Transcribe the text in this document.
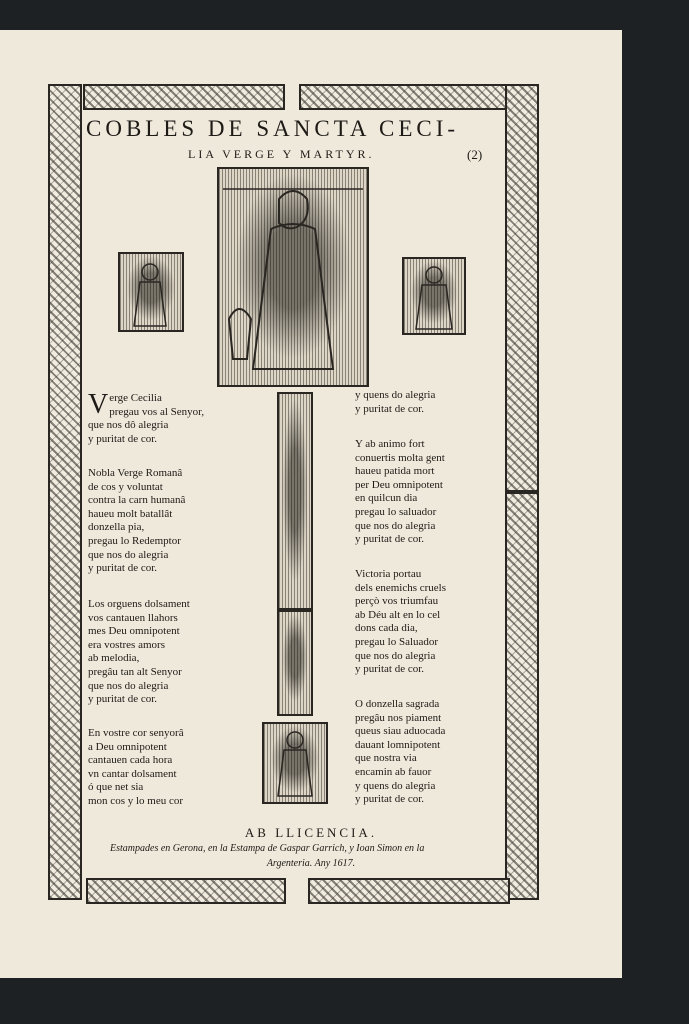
COBLES DE SANCTA CECI-
LIA VERGE Y MARTYR.	(2)
V erge Cecilia
pregau vos al Senyor,
que nos dô alegria
y puritat de cor.
Nobla Verge Romanâ
de cos y voluntat
contra la carn humanâ
haueu molt batallât
donzella pia,
pregau lo Redemptor
que nos do alegria
y puritat de cor.
Los orguens dolsament
vos cantauen llahors
mes Deu omnipotent
era vostres amors
ab melodia,
pregâu tan alt Senyor
que nos do alegria
y puritat de cor.
En vostre cor senyorâ
a Deu omnipotent
cantauen cada hora
vn cantar dolsament
ó que net sia
mon cos y lo meu cor
y quens do alegria
y puritat de cor.
Y ab animo fort
conuertis molta gent
haueu patida mort
per Deu omnipotent
en quilcun dia
pregau lo saluador
que nos do alegria
y puritat de cor.
Victoria portau
dels enemichs cruels
perçò vos triumfau
ab Déu alt en lo cel
dons cada dia,
pregau lo Saluador
que nos do alegria
y puritat de cor.
O donzella sagrada
pregâu nos piament
queus siau aduocada
dauant lomnipotent
que nostra via
encamin ab fauor
y quens do alegria
y puritat de cor.
AB LLICENCIA.
Estampades en Gerona, en la Estampa de Gaspar Garrich, y Ioan Simon en la
Argenteria. Any 1617.
